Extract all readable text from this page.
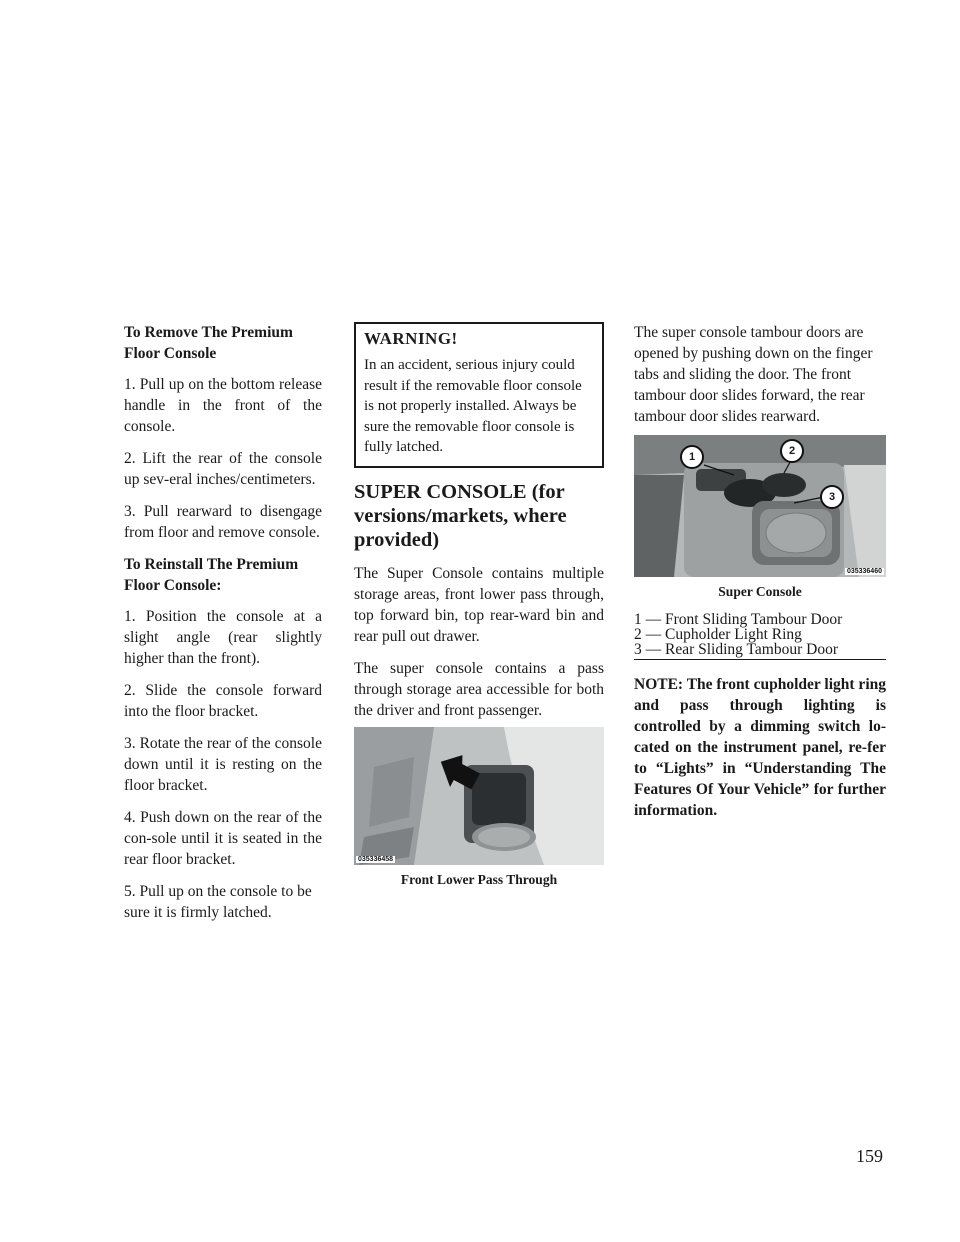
To Remove The Premium Floor Console

1. Pull up on the bottom release handle in the front of the console.

2. Lift the rear of the console up sev-eral inches/centimeters.

3. Pull rearward to disengage from floor and remove console.

To Reinstall The Premium Floor Console:

1. Position the console at a slight angle (rear slightly higher than the front).

2. Slide the console forward into the floor bracket.

3. Rotate the rear of the console down until it is resting on the floor bracket.

4. Push down on the rear of the con-sole until it is seated in the rear floor bracket.

5. Pull up on the console to be sure it is firmly latched.

WARNING!

In an accident, serious injury could result if the removable floor console is not properly installed. Always be sure the removable floor console is fully latched.

SUPER CONSOLE (for versions/markets, where provided)

The Super Console contains multiple storage areas, front lower pass through, top forward bin, top rear-ward bin and rear pull out drawer.

The super console contains a pass through storage area accessible for both the driver and front passenger.

035336458

Front Lower Pass Through

The super console tambour doors are opened by pushing down on the finger tabs and sliding the door. The front tambour door slides forward, the rear tambour door slides rearward.

1	2
3
035336460

Super Console

1 — Front Sliding Tambour Door
2 — Cupholder Light Ring
3 — Rear Sliding Tambour Door

NOTE: The front cupholder light ring and pass through lighting is controlled by a dimming switch lo-cated on the instrument panel, re-fer to “Lights” in “Understanding The Features Of Your Vehicle” for further information.

159
